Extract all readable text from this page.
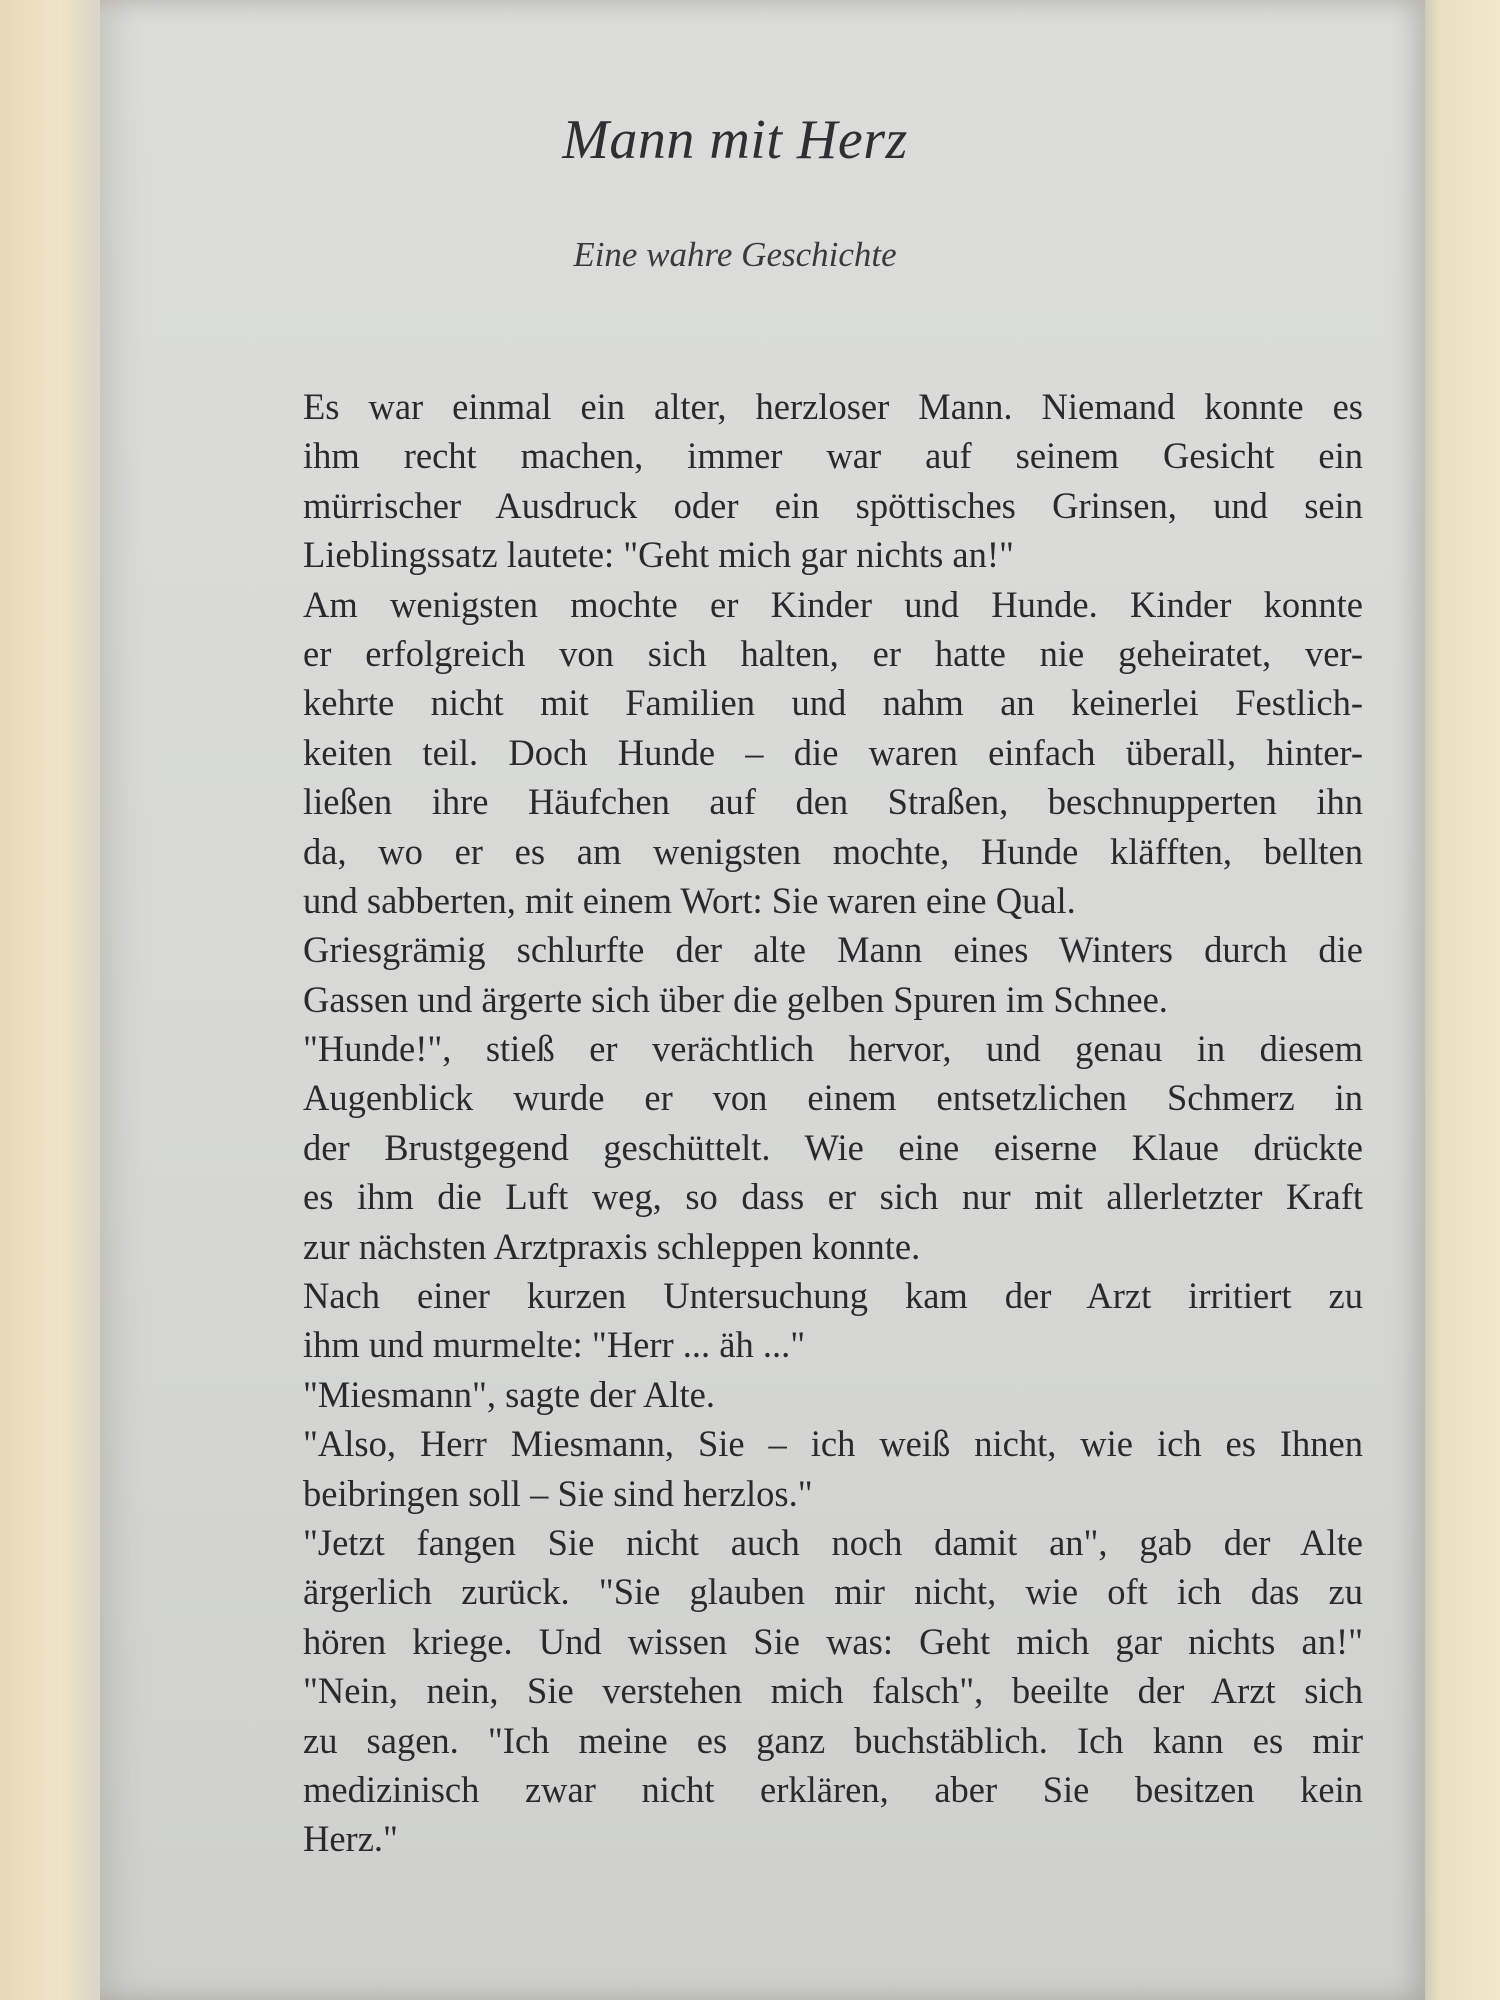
Mann mit Herz
Eine wahre Geschichte
Es war einmal ein alter, herzloser Mann. Niemand konnte es
ihm recht machen, immer war auf seinem Gesicht ein
mürrischer Ausdruck oder ein spöttisches Grinsen, und sein
Lieblingssatz lautete: "Geht mich gar nichts an!"
Am wenigsten mochte er Kinder und Hunde. Kinder konnte
er erfolgreich von sich halten, er hatte nie geheiratet, ver-
kehrte nicht mit Familien und nahm an keinerlei Festlich-
keiten teil. Doch Hunde – die waren einfach überall, hinter-
ließen ihre Häufchen auf den Straßen, beschnupperten ihn
da, wo er es am wenigsten mochte, Hunde kläfften, bellten
und sabberten, mit einem Wort: Sie waren eine Qual.
Griesgrämig schlurfte der alte Mann eines Winters durch die
Gassen und ärgerte sich über die gelben Spuren im Schnee.
"Hunde!", stieß er verächtlich hervor, und genau in diesem
Augenblick wurde er von einem entsetzlichen Schmerz in
der Brustgegend geschüttelt. Wie eine eiserne Klaue drückte
es ihm die Luft weg, so dass er sich nur mit allerletzter Kraft
zur nächsten Arztpraxis schleppen konnte.
Nach einer kurzen Untersuchung kam der Arzt irritiert zu
ihm und murmelte: "Herr ... äh ..."
"Miesmann", sagte der Alte.
"Also, Herr Miesmann, Sie – ich weiß nicht, wie ich es Ihnen
beibringen soll – Sie sind herzlos."
"Jetzt fangen Sie nicht auch noch damit an", gab der Alte
ärgerlich zurück. "Sie glauben mir nicht, wie oft ich das zu
hören kriege. Und wissen Sie was: Geht mich gar nichts an!"
"Nein, nein, Sie verstehen mich falsch", beeilte der Arzt sich
zu sagen. "Ich meine es ganz buchstäblich. Ich kann es mir
medizinisch zwar nicht erklären, aber Sie besitzen kein
Herz."
